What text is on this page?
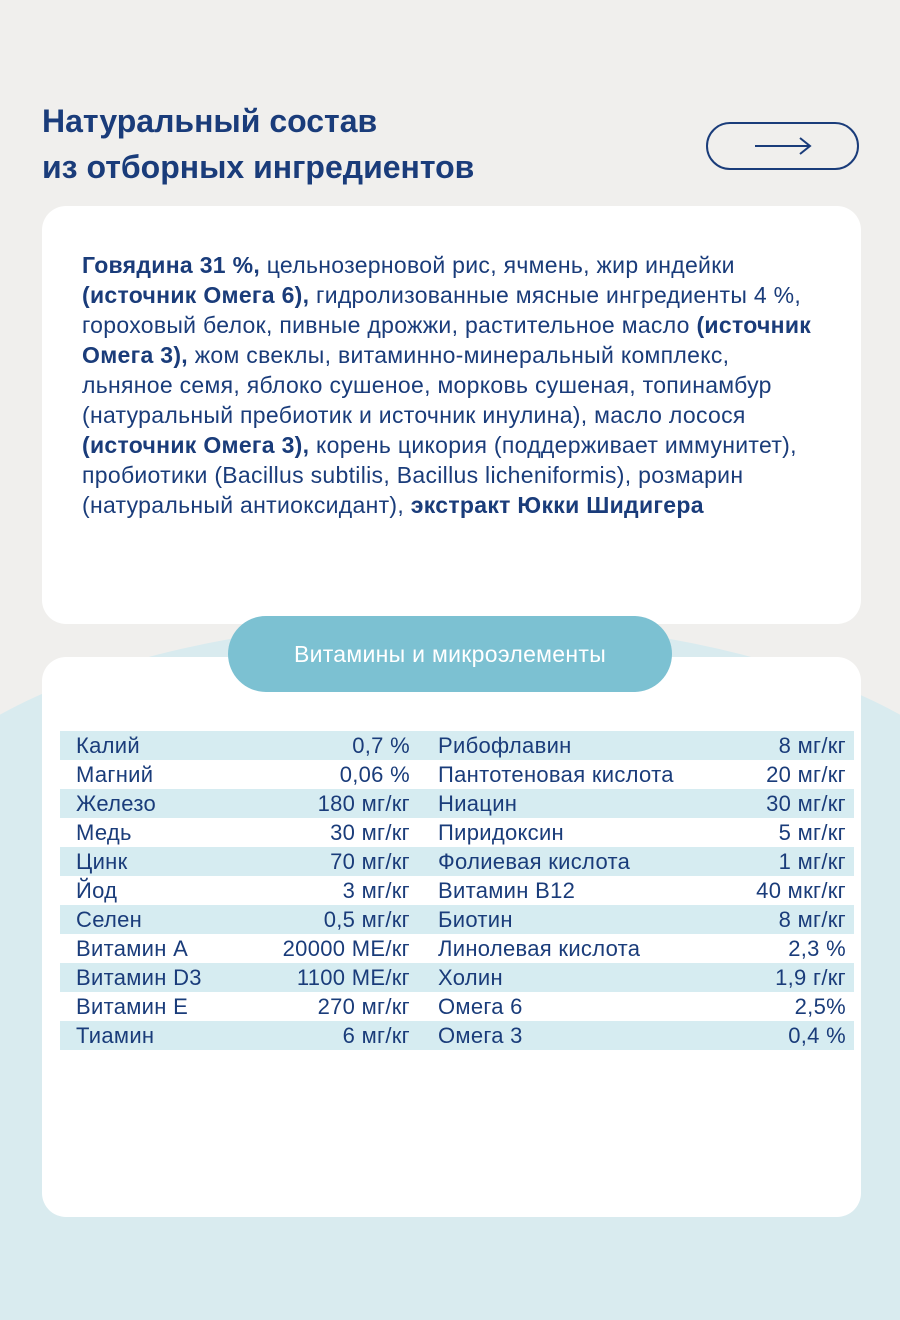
Натуральный состав
из отборных ингредиентов

Говядина 31 %, цельнозерновой рис, ячмень, жир индейки (источник Омега 6), гидролизованные мясные ингредиенты 4 %, гороховый белок, пивные дрожжи, растительное масло (источник Омега 3), жом свеклы, витаминно-минеральный комплекс, льняное семя, яблоко сушеное, морковь сушеная, топинамбур (натуральный пребиотик и источник инулина), масло лосося (источник Омега 3), корень цикория (поддерживает иммунитет), пробиотики (Bacillus subtilis, Bacillus licheniformis), розмарин (натуральный антиоксидант), экстракт Юкки Шидигера

Витамины и микроэлементы
Калий	0,7 %		Рибофлавин	8 мг/кг
Магний	0,06 %		Пантотеновая кислота	20 мг/кг
Железо	180 мг/кг		Ниацин	30 мг/кг
Медь	30 мг/кг		Пиридоксин	5 мг/кг
Цинк	70 мг/кг		Фолиевая кислота	1 мг/кг
Йод	3 мг/кг		Витамин B12	40 мкг/кг
Селен	0,5 мг/кг		Биотин	8 мг/кг
Витамин А	20000 МЕ/кг		Линолевая кислота	2,3 %
Витамин D3	1100 МЕ/кг		Холин	1,9 г/кг
Витамин Е	270 мг/кг		Омега 6	2,5%
Тиамин	6 мг/кг		Омега 3	0,4 %
